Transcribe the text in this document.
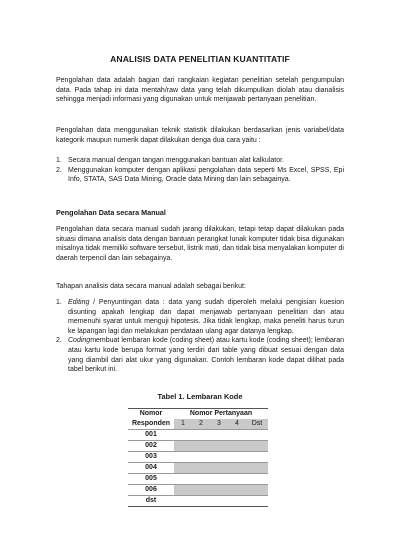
ANALISIS DATA PENELITIAN KUANTITATIF

Pengolahan data adalah bagian dari rangkaian kegiatan penelitian setelah pengumpulan data. Pada tahap ini data mentah/raw data yang telah dikumpulkan diolah atau dianalisis sehingga menjadi informasi yang digunakan untuk menjawab pertanyaan penelitian.

Pengolahan data menggunakan teknik statistik dilakukan berdasarkan jenis variabel/data kategorik maupun numerik dapat dilakukan denga dua cara yaitu :

1. Secara manual dengan tangan menggunakan bantuan alat kalkulator.
2. Menggunakan komputer dengan aplikasi pengolahan data seperti Ms Excel, SPSS, Epi Info, STATA, SAS Data Mining, Oracle data Mining dan lain sebagainya.
Pengolahan Data secara Manual

Pengolahan data secara manual sudah jarang dilakukan, tetapi tetap dapat dilakukan pada situasi dimana analisis data dengan bantuan perangkat lunak komputer tidak bisa digunakan misalnya tidak memiliki software tersebut, listrik mati, dan tidak bisa menyalakan komputer di daerah terpencil dan lain sebagainya.

Tahapan analisis data secara manual adalah sebagai berikut:

1. Editing / Penyuntingan data : data yang sudah diperoleh melalui pengisian kuesion disunting apakah lengkap dan dapat menjawab pertanyaan penelitian dan atau memenuhi syarat untuk menguji hipotesis. Jika tidak lengkap, maka peneliti harus turun ke lapangan lagi dan melakukan pendataan ulang agar datanya lengkap.
2. Codingmembuat lembaran kode (coding sheet) atau kartu kode (coding sheet); lembaran atau kartu kode berupa format yang terdiri dari table yang dibuat sesuai dengan data yang diambil dari alat ukur yang digunakan. Contoh lembaran kode dapat dilihat pada tabel berikut ini.
Tabel 1. Lembaran Kode
Nomor	Nomor Pertanyaan				
Responden	1	2	3	4	Dst
001					
002					
003					
004					
005					
006					
dst					
